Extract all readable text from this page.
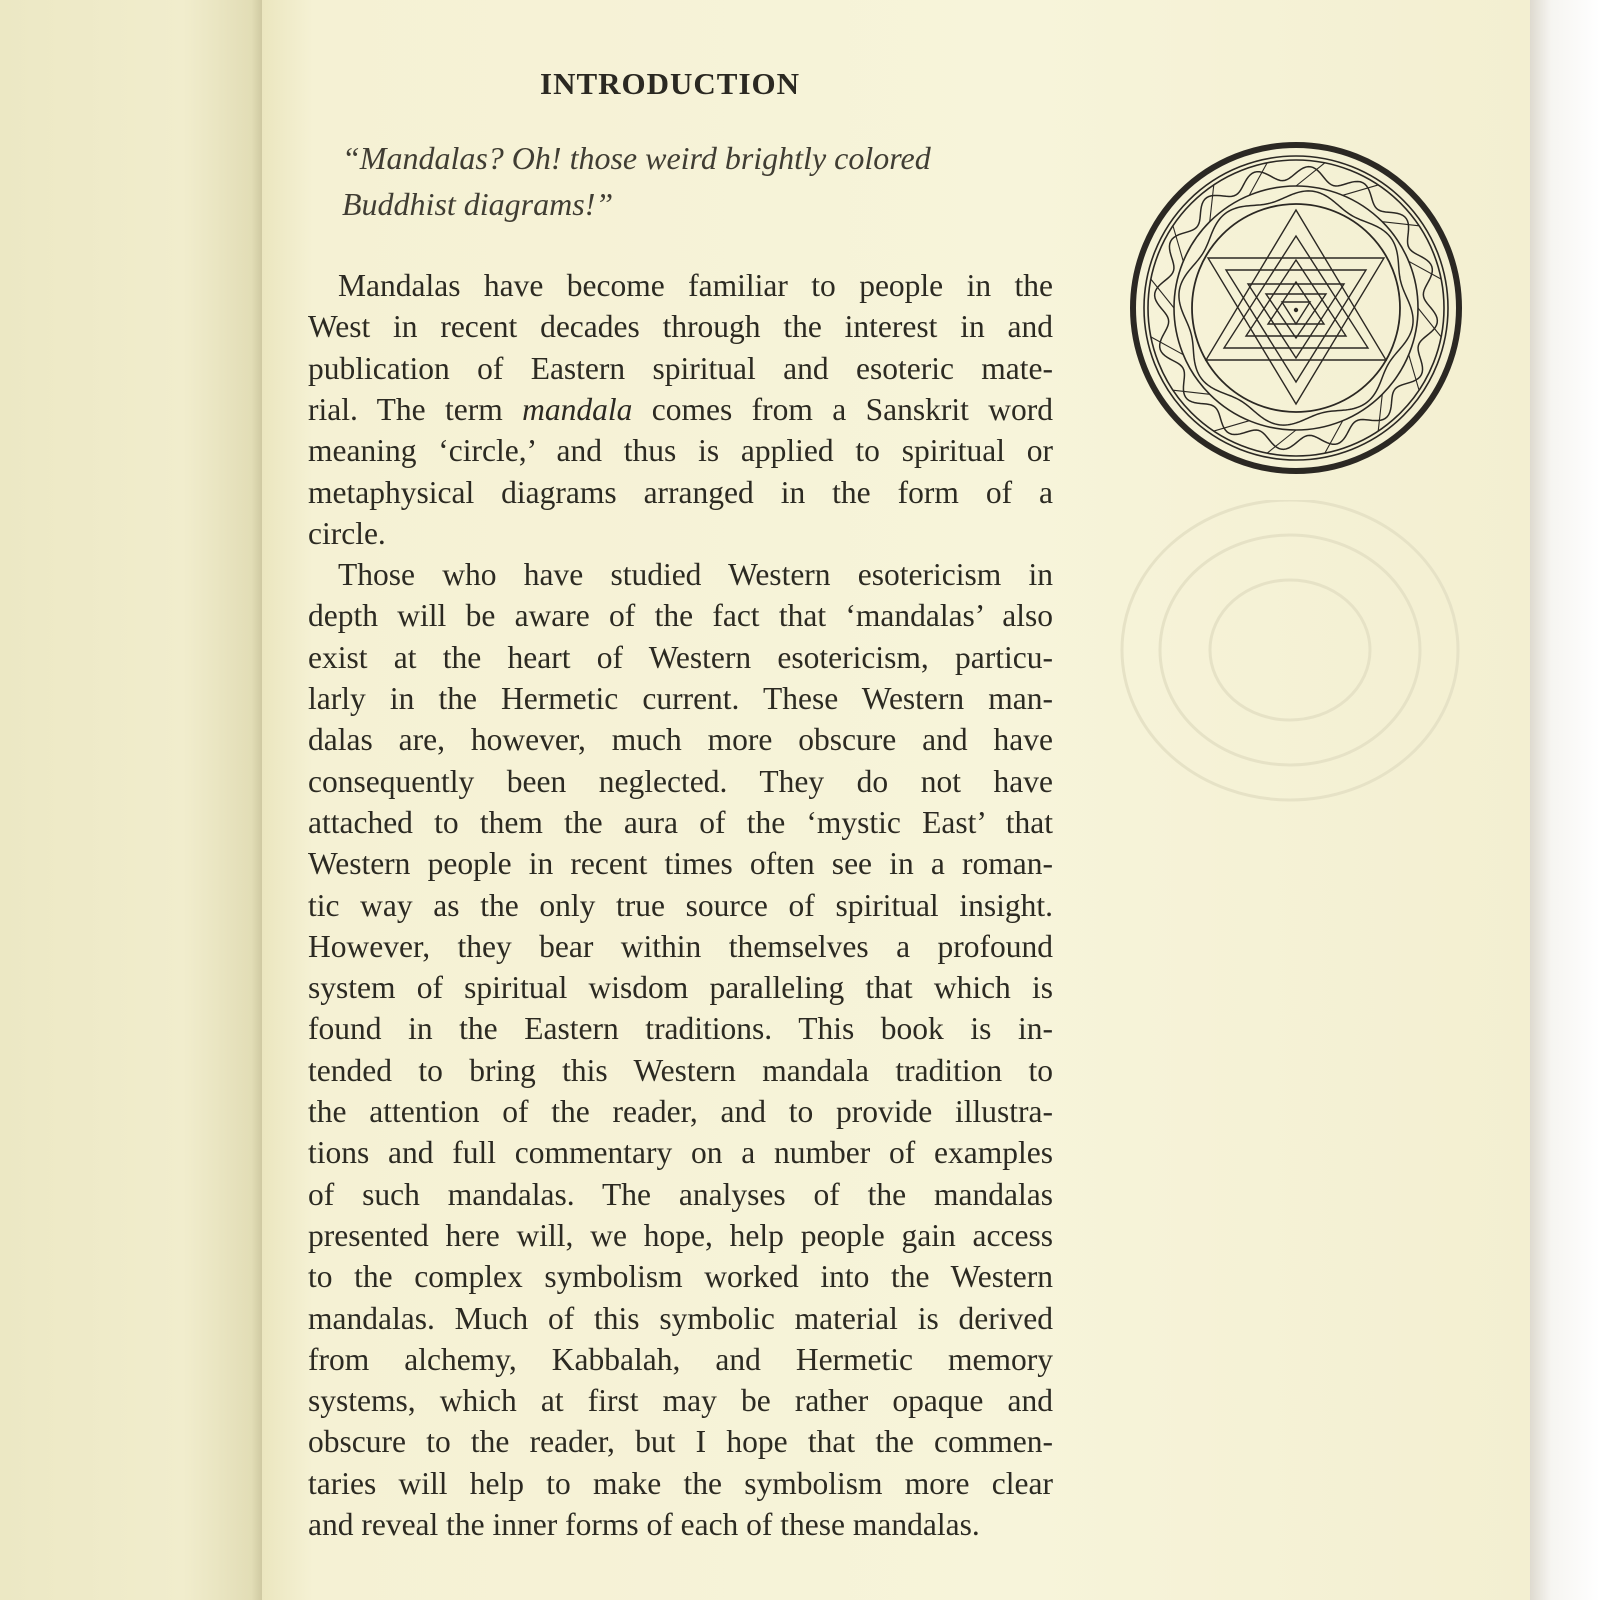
INTRODUCTION
“Mandalas? Oh! those weird brightly colored
Buddhist diagrams!”
Mandalas have become familiar to people in the
West in recent decades through the interest in and
publication of Eastern spiritual and esoteric mate-
rial. The term mandala comes from a Sanskrit word
meaning ‘circle,’ and thus is applied to spiritual or
metaphysical diagrams arranged in the form of a
circle.
Those who have studied Western esotericism in
depth will be aware of the fact that ‘mandalas’ also
exist at the heart of Western esotericism, particu-
larly in the Hermetic current. These Western man-
dalas are, however, much more obscure and have
consequently been neglected. They do not have
attached to them the aura of the ‘mystic East’ that
Western people in recent times often see in a roman-
tic way as the only true source of spiritual insight.
However, they bear within themselves a profound
system of spiritual wisdom paralleling that which is
found in the Eastern traditions. This book is in-
tended to bring this Western mandala tradition to
the attention of the reader, and to provide illustra-
tions and full commentary on a number of examples
of such mandalas. The analyses of the mandalas
presented here will, we hope, help people gain access
to the complex symbolism worked into the Western
mandalas. Much of this symbolic material is derived
from alchemy, Kabbalah, and Hermetic memory
systems, which at first may be rather opaque and
obscure to the reader, but I hope that the commen-
taries will help to make the symbolism more clear
and reveal the inner forms of each of these mandalas.
